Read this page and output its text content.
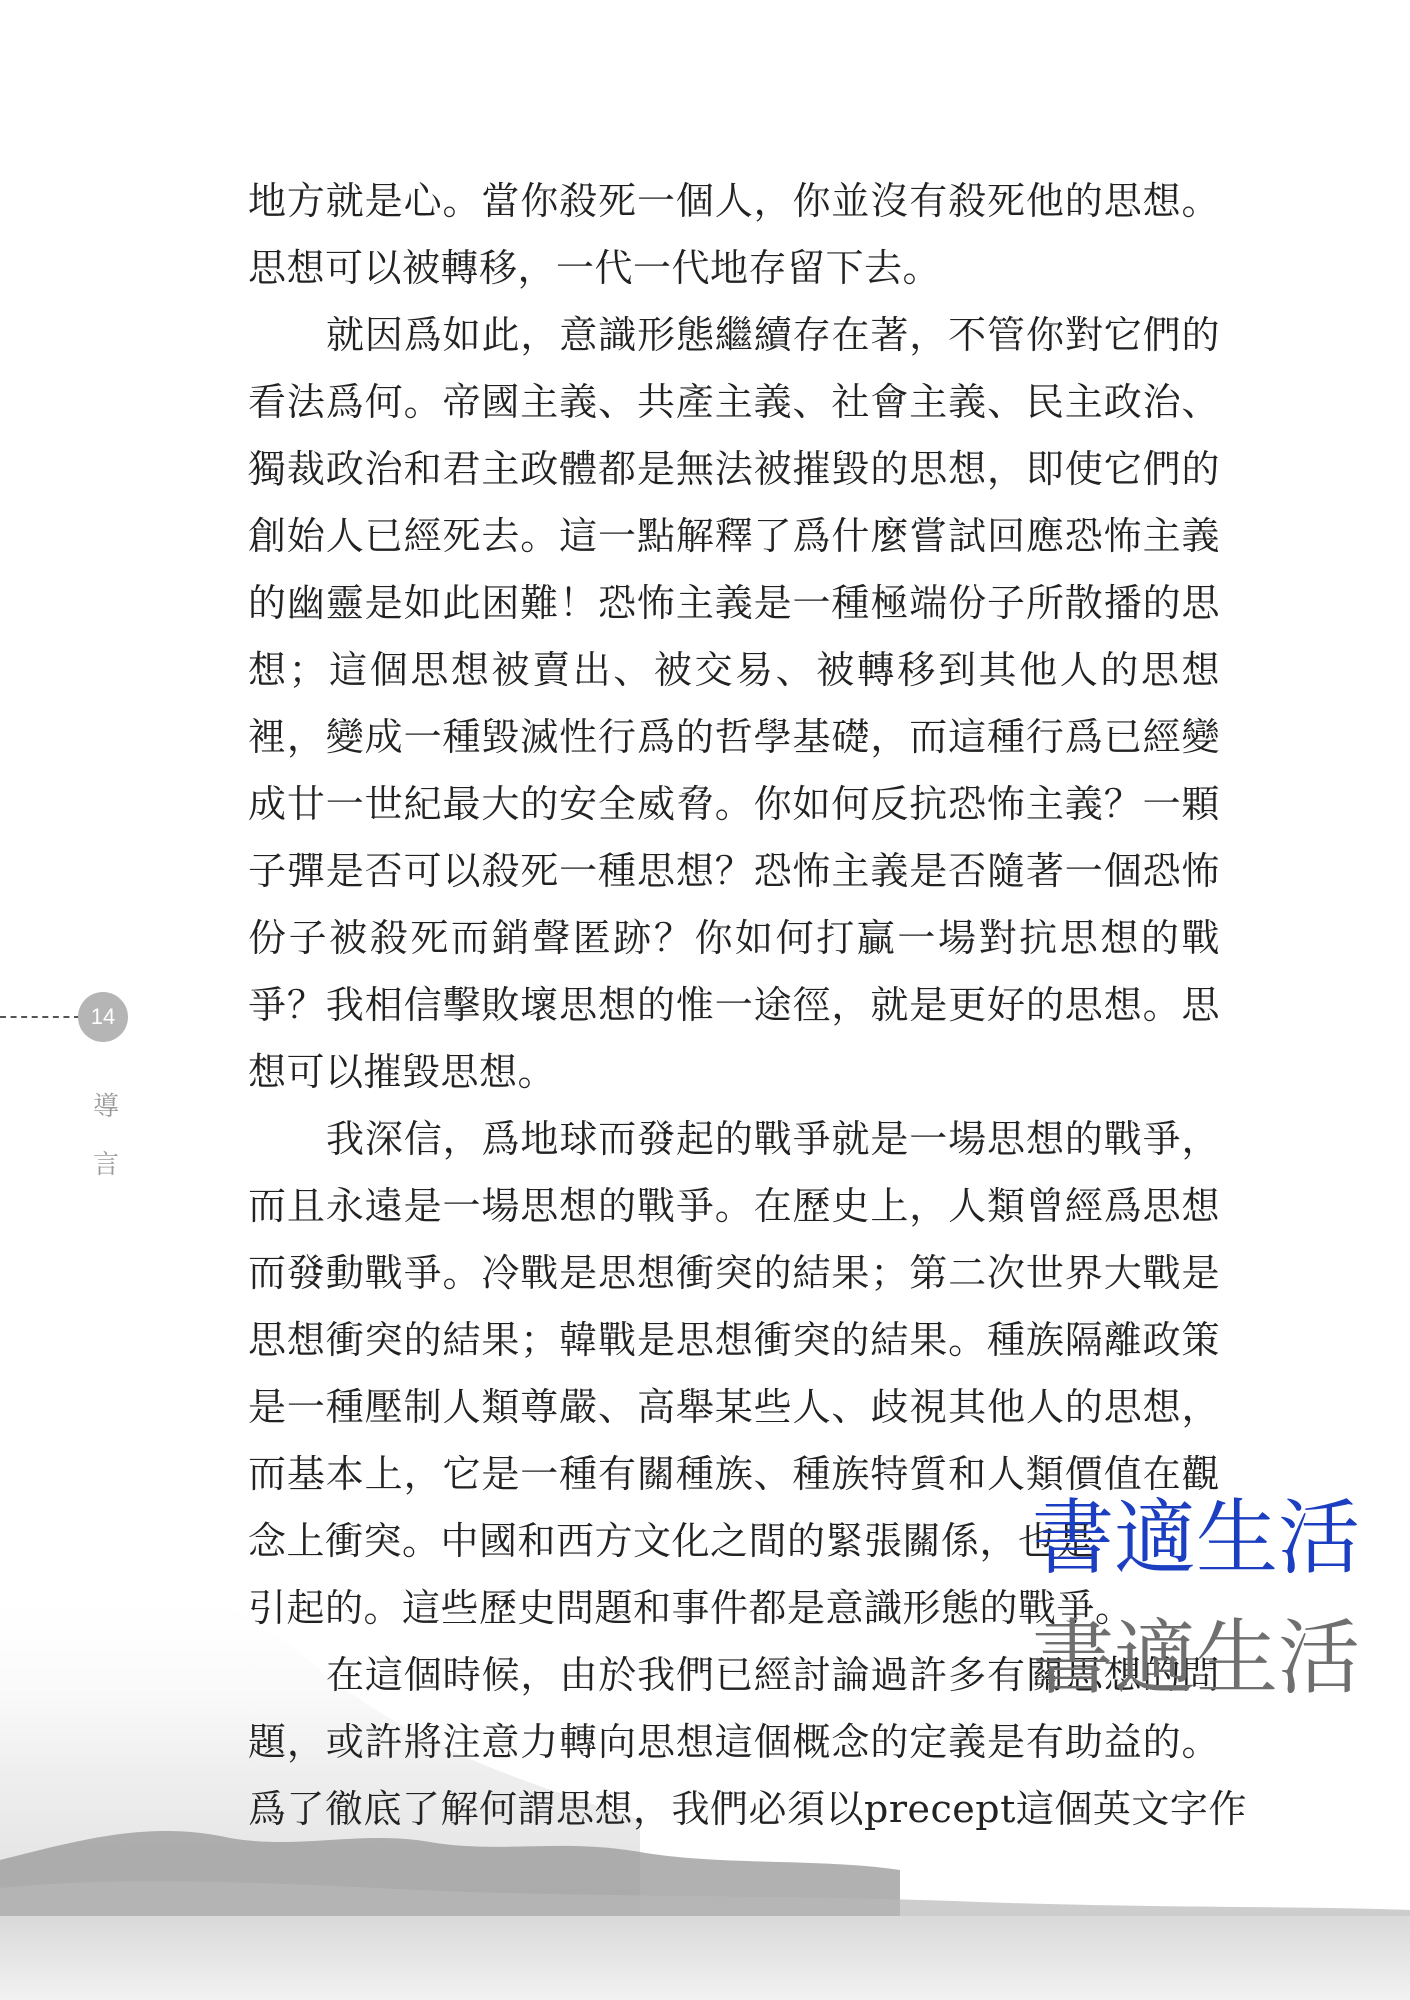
14
導
言
地方就是心。當你殺死一個人，你並沒有殺死他的思想。
思想可以被轉移，一代一代地存留下去。
就因爲如此，意識形態繼續存在著，不管你對它們的
看法爲何。帝國主義、共產主義、社會主義、民主政治、
獨裁政治和君主政體都是無法被摧毀的思想，即使它們的
創始人已經死去。這一點解釋了爲什麼嘗試回應恐怖主義
的幽靈是如此困難！恐怖主義是一種極端份子所散播的思
想；這個思想被賣出、被交易、被轉移到其他人的思想
裡，變成一種毀滅性行爲的哲學基礎，而這種行爲已經變
成廿一世紀最大的安全威脅。你如何反抗恐怖主義？一顆
子彈是否可以殺死一種思想？恐怖主義是否隨著一個恐怖
份子被殺死而銷聲匿跡？你如何打贏一場對抗思想的戰
爭？我相信擊敗壞思想的惟一途徑，就是更好的思想。思
想可以摧毀思想。
我深信，爲地球而發起的戰爭就是一場思想的戰爭，
而且永遠是一場思想的戰爭。在歷史上，人類曾經爲思想
而發動戰爭。冷戰是思想衝突的結果；第二次世界大戰是
思想衝突的結果；韓戰是思想衝突的結果。種族隔離政策
是一種壓制人類尊嚴、高舉某些人、歧視其他人的思想，
而基本上，它是一種有關種族、種族特質和人類價值在觀
念上衝突。中國和西方文化之間的緊張關係，也是
引起的。這些歷史問題和事件都是意識形態的戰爭。
在這個時候，由於我們已經討論過許多有關思想的問
題，或許將注意力轉向思想這個概念的定義是有助益的。
爲了徹底了解何謂思想，我們必須以precept這個英文字作
書適生活
書適生活
